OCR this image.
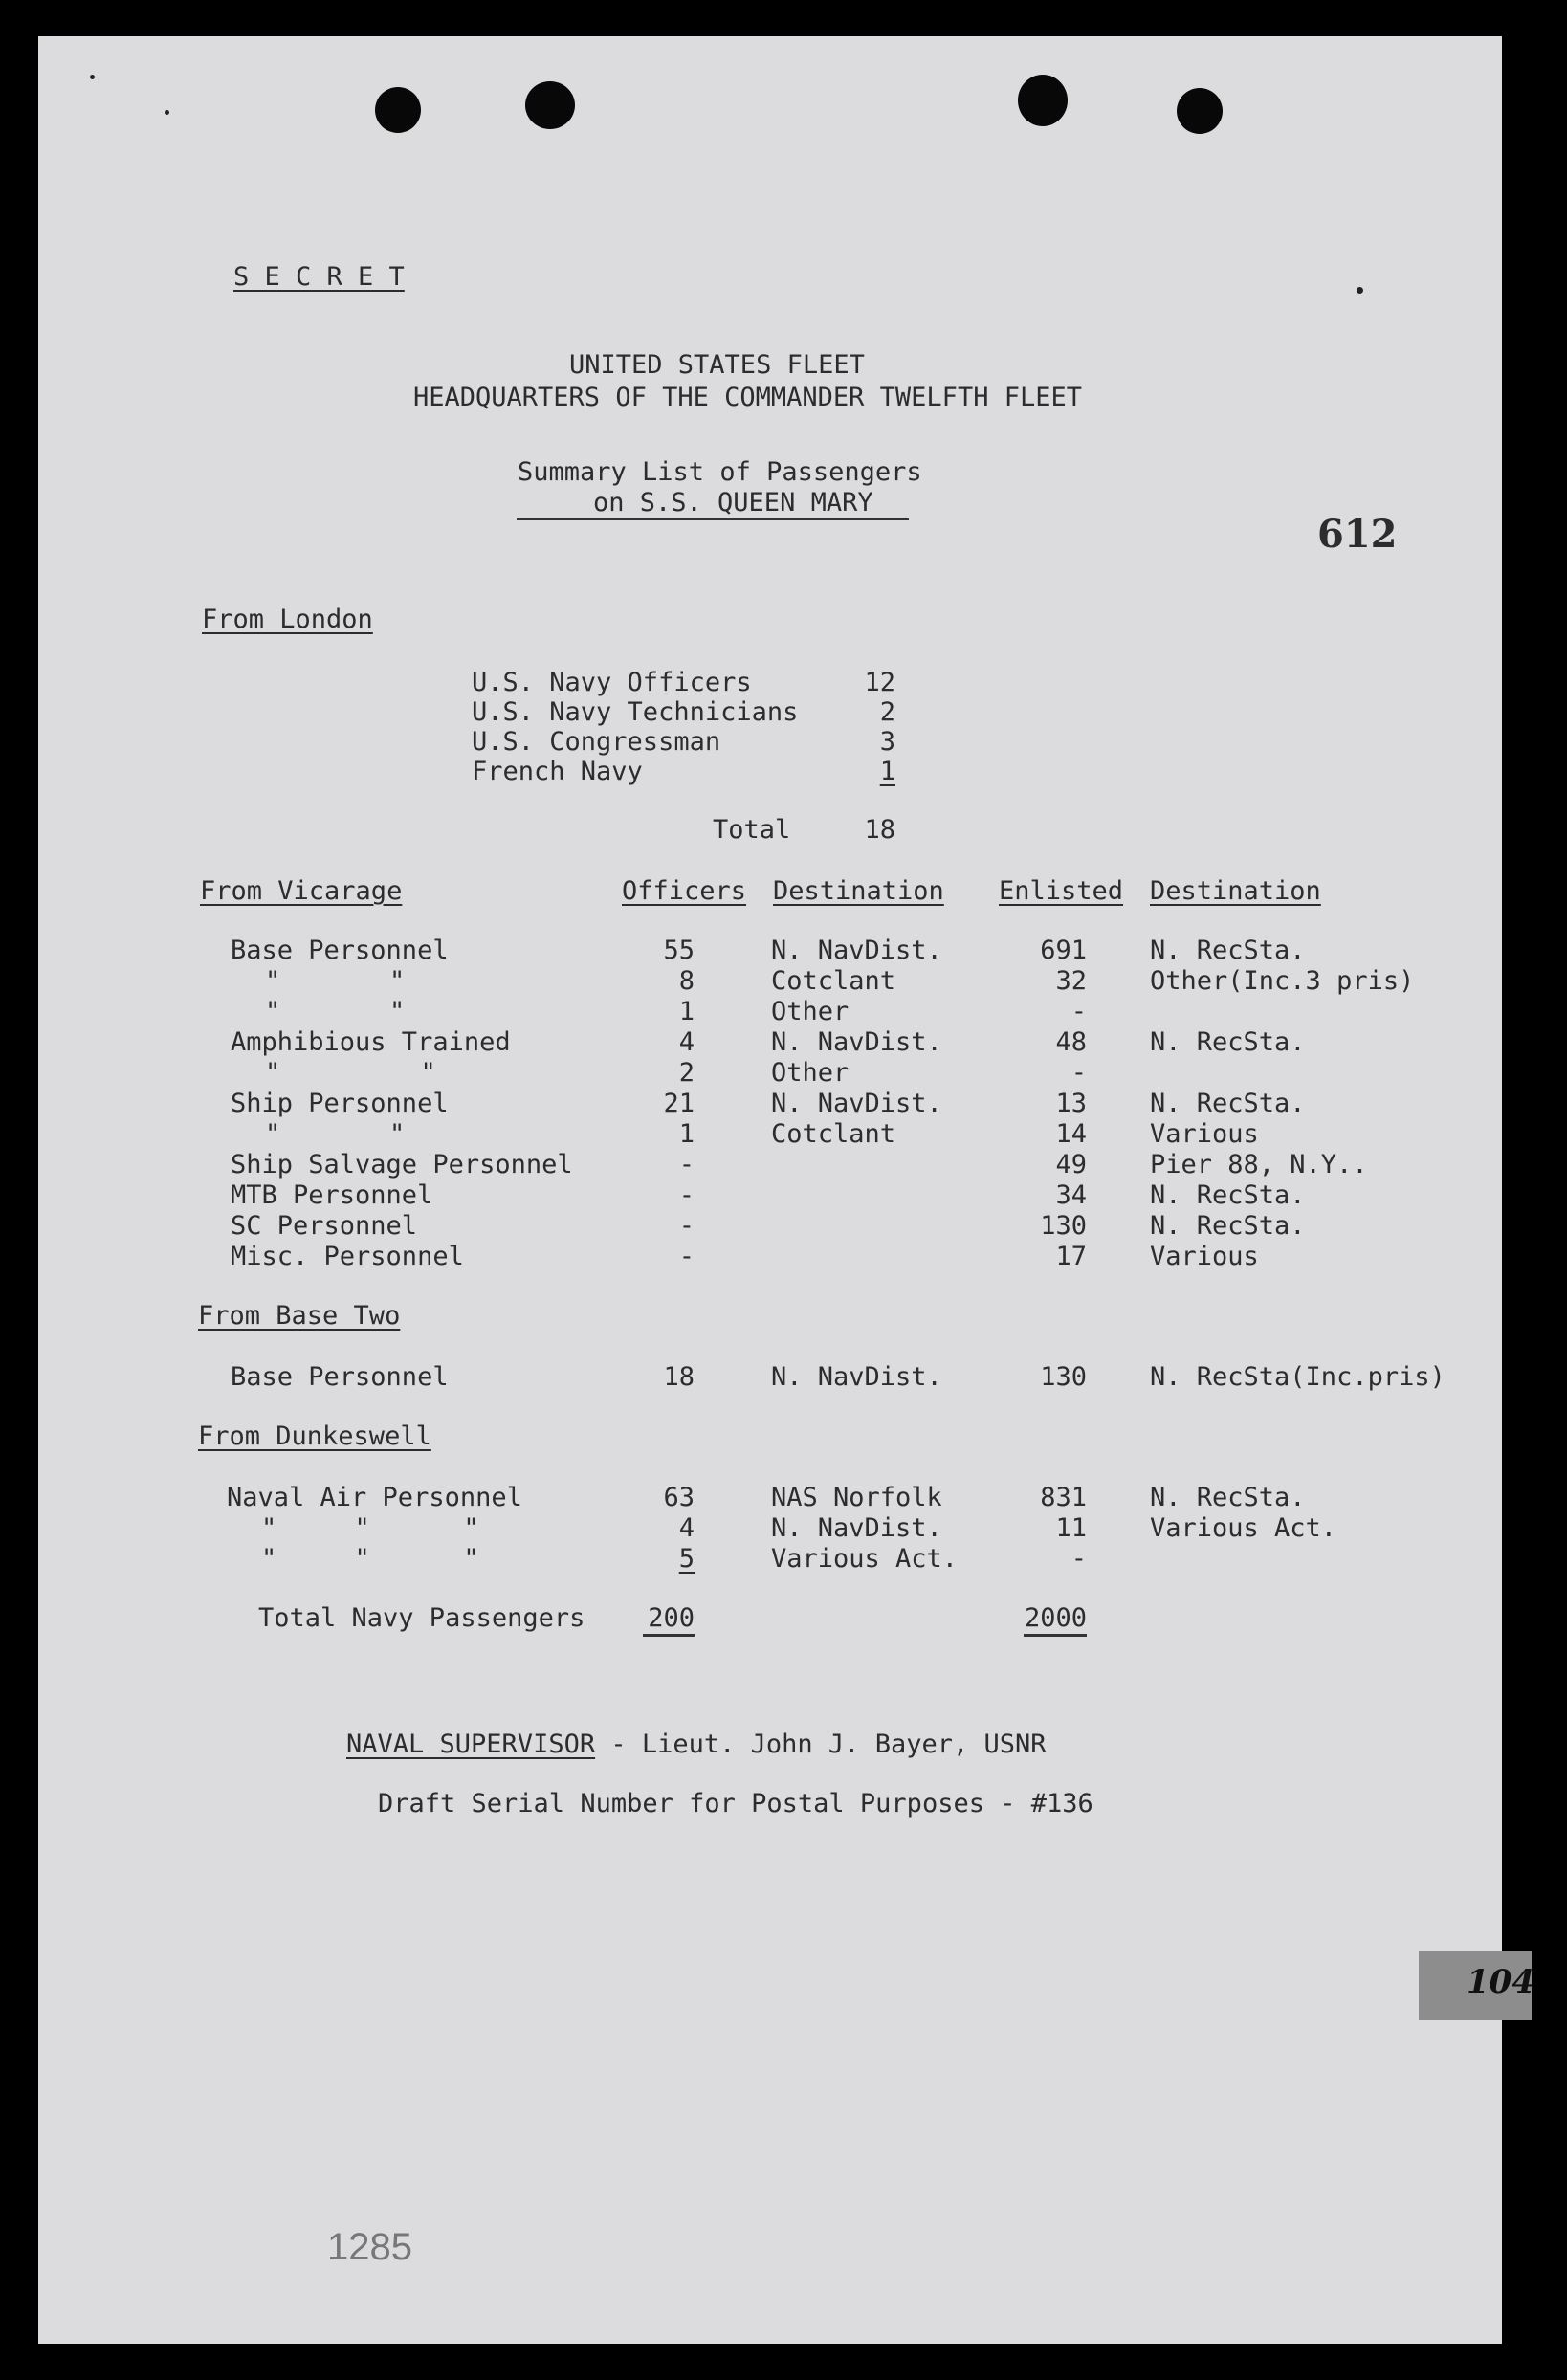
S E C R E T
UNITED STATES FLEET
HEADQUARTERS OF THE COMMANDER TWELFTH FLEET
Summary List of Passengers
on S.S. QUEEN MARY
612
From London
U.S. Navy Officers	12
U.S. Navy Technicians	2
U.S. Congressman	3
French Navy	1
Total	18
From Vicarage	Officers Destination Enlisted Destination
Base Personnel	55	N. NavDist.	691 N. RecSta.
"       "	8	Cotclant	32 Other(Inc.3 pris)
"       "	1	Other	-
Amphibious Trained	4	N. NavDist.	48 N. RecSta.
"         "	2	Other	-
Ship Personnel	21	N. NavDist.	13 N. RecSta.
"       "	1	Cotclant	14 Various
Ship Salvage Personnel	-	49 Pier 88, N.Y..
MTB Personnel	-	34 N. RecSta.
SC Personnel	-	130 N. RecSta.
Misc. Personnel	-	17 Various
From Base Two
Base Personnel	18	N. NavDist.	130 N. RecSta(Inc.pris)
From Dunkeswell
Naval Air Personnel	63	NAS Norfolk	831 N. RecSta.
"     "      "	4	N. NavDist.	11 Various Act.
"     "      "	5	Various Act.	-
Total Navy Passengers	200	2000
NAVAL SUPERVISOR - Lieut. John J. Bayer, USNR
Draft Serial Number for Postal Purposes - #136
104
1285
